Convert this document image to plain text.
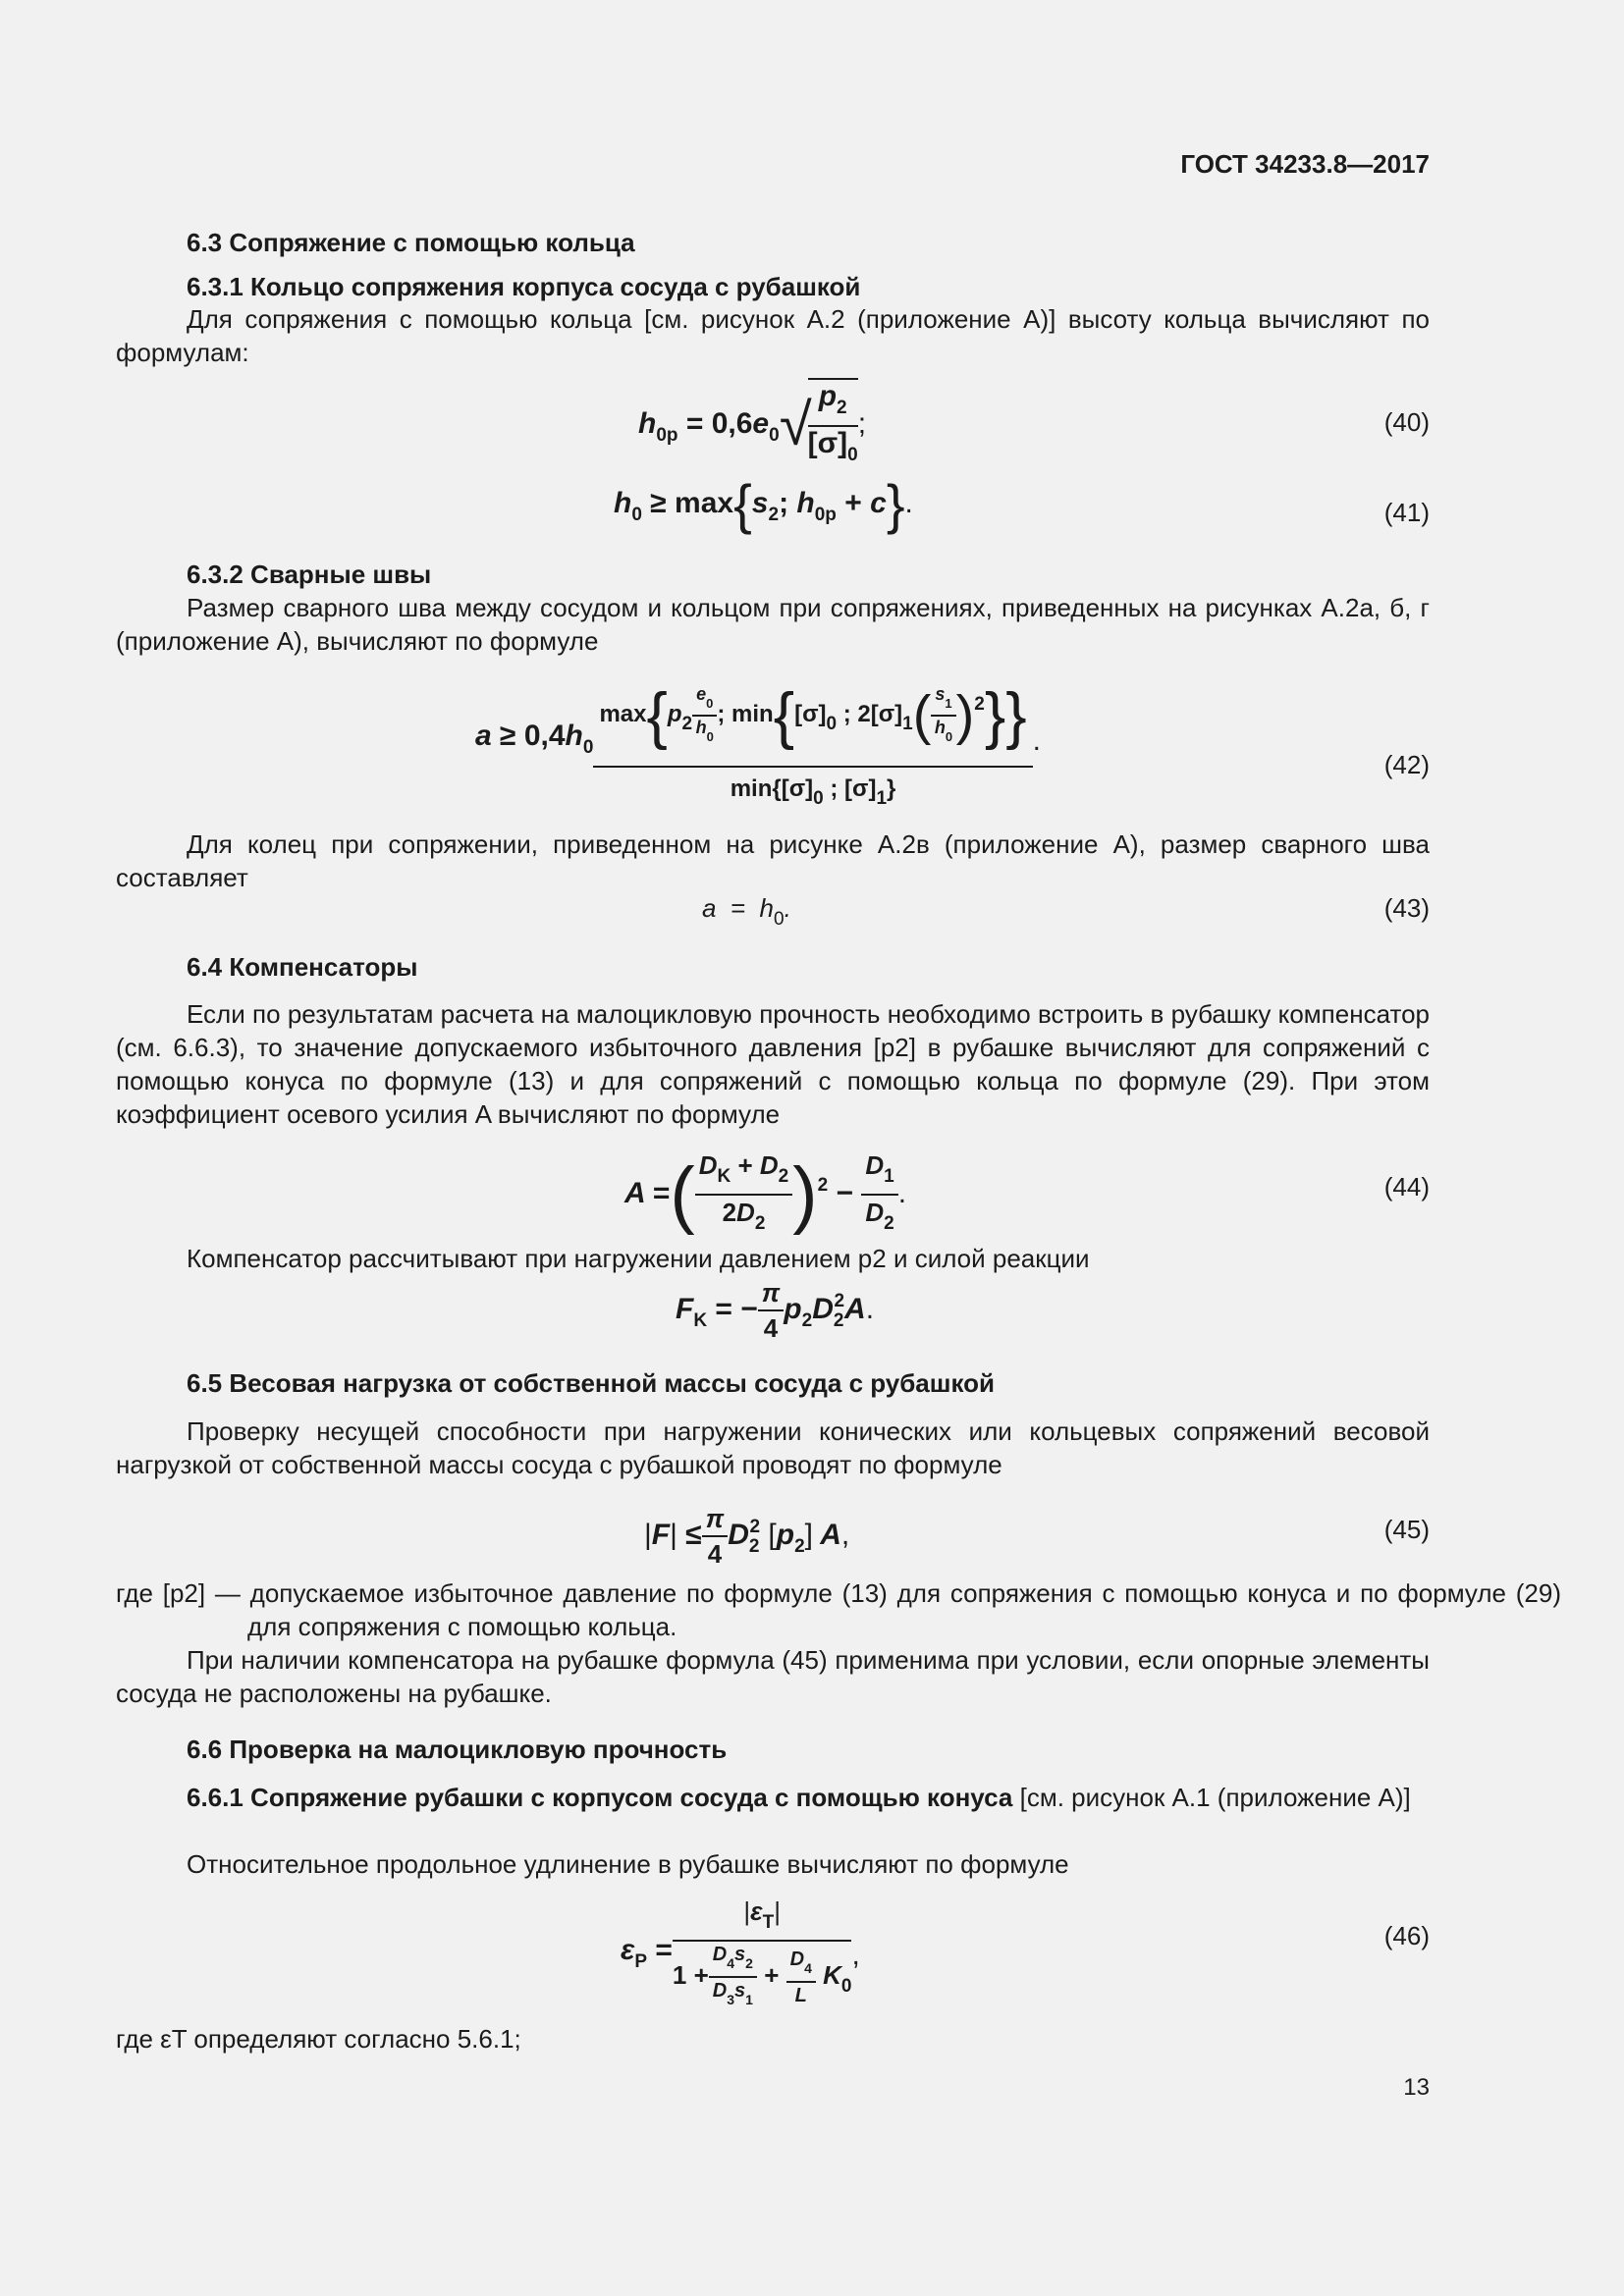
ГОСТ 34233.8—2017
6.3 Сопряжение с помощью кольца
6.3.1 Кольцо сопряжения корпуса сосуда с рубашкой
Для сопряжения с помощью кольца [см. рисунок А.2 (приложение А)] высоту кольца вычисляют по формулам:
$h_{0p} = 0,6e_0√$
$\frac{p_2}{[\sigma]_0}$ ;	(40)
$h_0 \ge \max\{s_2$; $h_{0p} + c$}.	(41)
6.3.2 Сварные швы
Размер сварного шва между сосудом и кольцом при сопряжениях, приведенных на рисунках А.2а, б, г (приложение А), вычисляют по формуле
$a \ge 0,4h_0 \frac{\max\{p_2 \frac{e_0}{h_0} ; \min\{[\sigma]_0 ; 2[\sigma]_1( \frac{s_1}{h_0} )^2\}\}}{\min\{[\sigma]_0 ; [\sigma]_1\}}$ .
(42)
Для колец при сопряжении, приведенном на рисунке А.2в (приложение А), размер сварного шва составляет
$a = h_0$.	(43)
6.4 Компенсаторы
Если по результатам расчета на малоцикловую прочность необходимо встроить в рубашку компенсатор (см. 6.6.3), то значение допускаемого избыточного давления [p2] в рубашке вычисляют для сопряжений с помощью конуса по формуле (13) и для сопряжений с помощью кольца по формуле (29). При этом коэффициент осевого усилия A вычисляют по формуле
A =( $\frac{D_K + D_2}{2D_2} )^2 - \frac{D_1}{D_2}$ .	(44)
Компенсатор рассчитывают при нагружении давлением p2 и силой реакции
$F_K$ = − $\frac{\pi}{4} p_2D_2^2A$.
6.5 Весовая нагрузка от собственной массы сосуда с рубашкой
Проверку несущей способности при нагружении конических или кольцевых сопряжений весовой нагрузкой от собственной массы сосуда с рубашкой проводят по формуле
$|F| \le \frac{\pi}{4} D_2^2$ $[p_2]$ A,	(45)
где [p2] — допускаемое избыточное давление по формуле (13) для сопряжения с помощью конуса и по формуле (29) для сопряжения с помощью кольца.
При наличии компенсатора на рубашке формула (45) применима при условии, если опорные элементы сосуда не расположены на рубашке.
6.6 Проверка на малоцикловую прочность
6.6.1 Сопряжение рубашки с корпусом сосуда с помощью конуса [см. рисунок А.1 (приложение А)]
Относительное продольное удлинение в рубашке вычисляют по формуле
$\varepsilon_P = \frac{|\varepsilon_T|}{1 + \frac{D_4s_2}{D_3s_1} + \frac{D_4}{L} K_0}$ ,
(46)
где εT определяют согласно 5.6.1;
13
